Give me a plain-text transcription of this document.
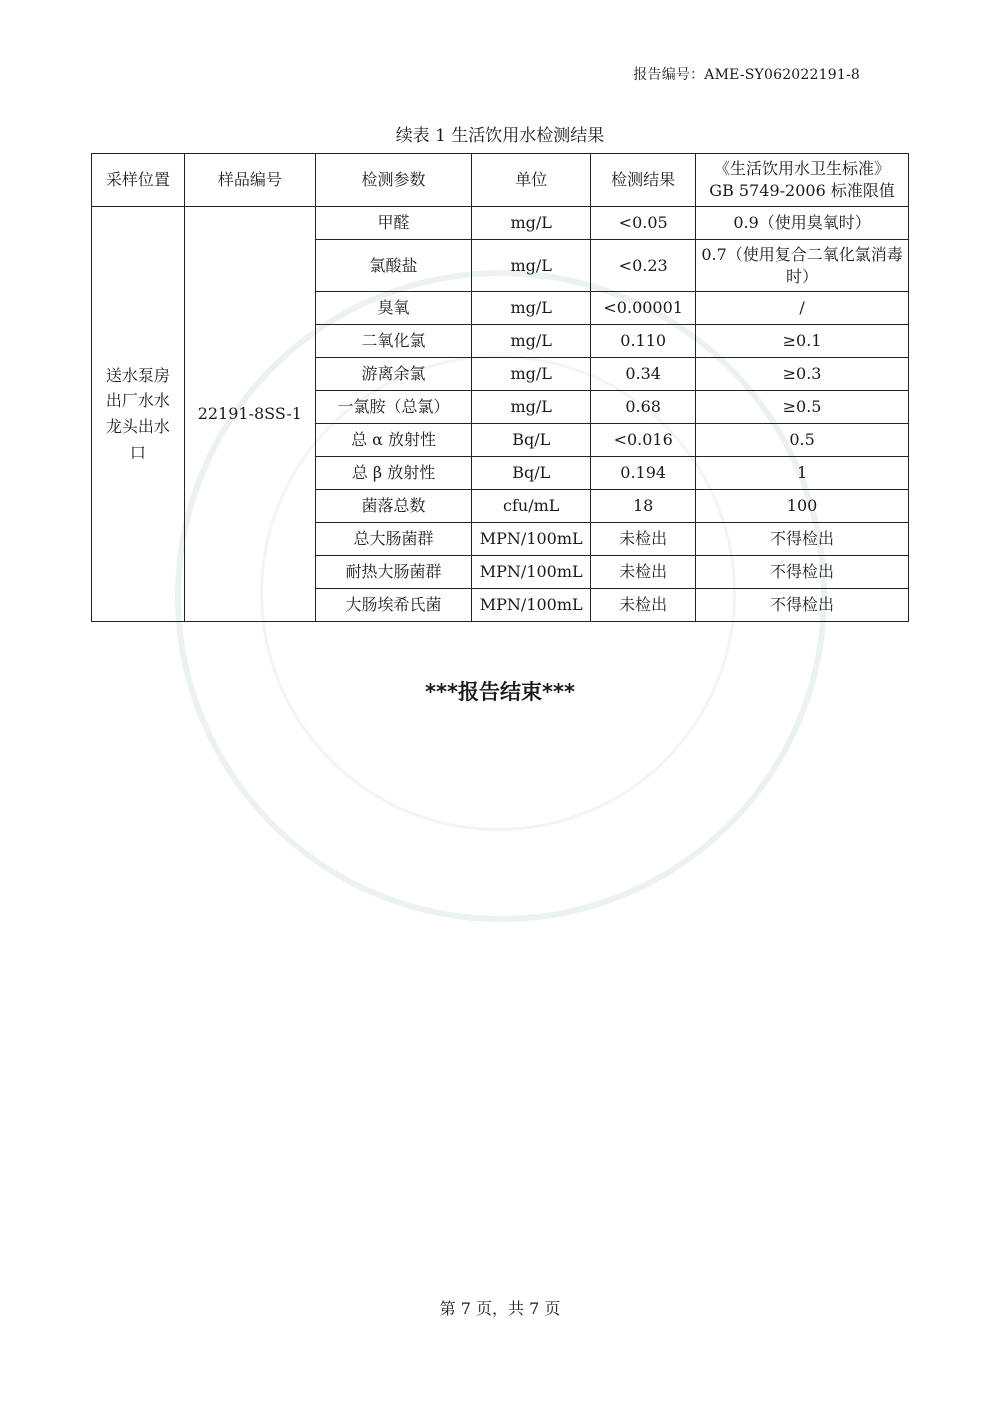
报告编号：AME-SY062022191-8
续表 1 生活饮用水检测结果
采样位置	样品编号	检测参数	单位	检测结果	《生活饮用水卫生标准》
GB 5749-2006 标准限值

送水泵房出厂水水龙头出水口	22191-8SS-1	甲醛	mg/L	<0.05	0.9（使用臭氧时）
		氯酸盐	mg/L	<0.23	0.7（使用复合二氧化氯消毒时）
		臭氧	mg/L	<0.00001	/
		二氧化氯	mg/L	0.110	≥0.1
		游离余氯	mg/L	0.34	≥0.3
		一氯胺（总氯）	mg/L	0.68	≥0.5
		总 α 放射性	Bq/L	<0.016	0.5
		总 β 放射性	Bq/L	0.194	1
		菌落总数	cfu/mL	18	100
		总大肠菌群	MPN/100mL	未检出	不得检出
		耐热大肠菌群	MPN/100mL	未检出	不得检出
		大肠埃希氏菌	MPN/100mL	未检出	不得检出
***报告结束***
第 7 页，共 7 页
